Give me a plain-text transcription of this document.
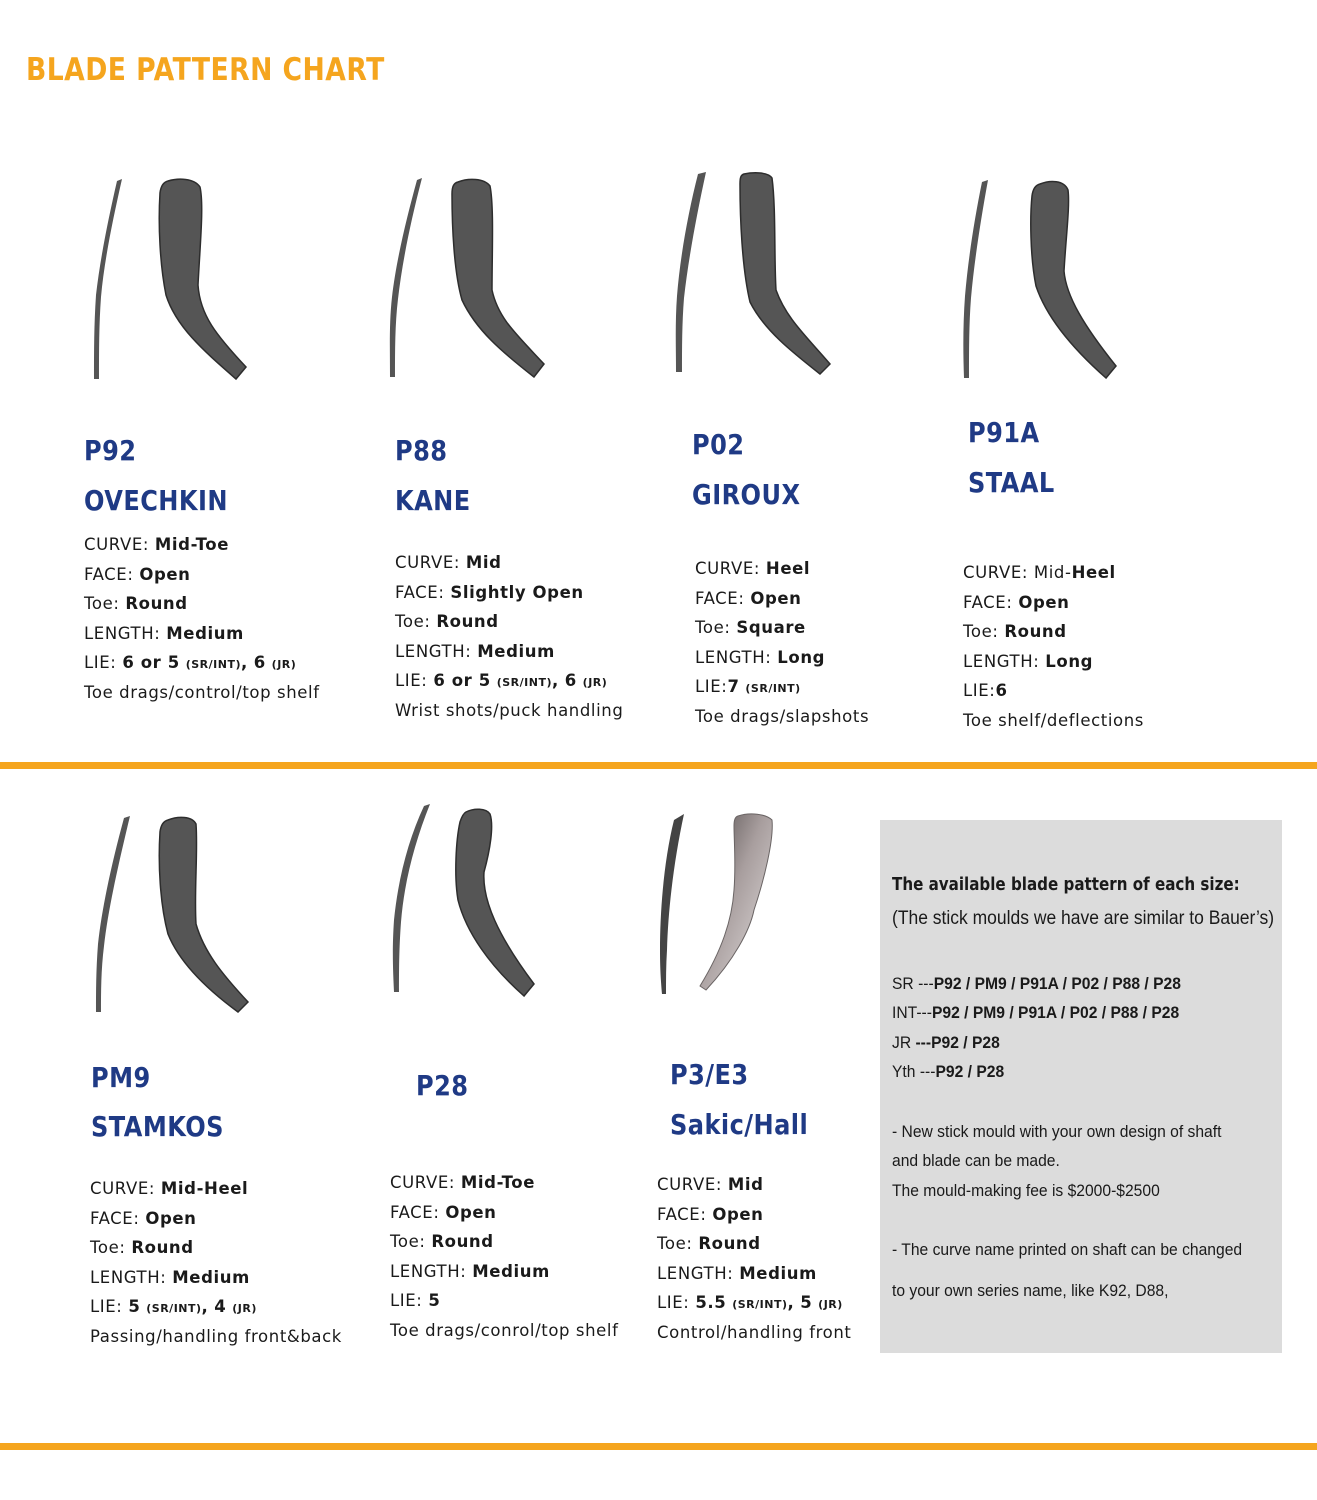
BLADE PATTERN CHART
P92
OVECHKIN
CURVE: Mid-Toe
FACE: Open
Toe: Round
LENGTH: Medium
LIE: 6 or 5 (SR/INT), 6 (JR)
Toe drags/control/top shelf
P88
KANE
CURVE: Mid
FACE: Slightly Open
Toe: Round
LENGTH: Medium
LIE: 6 or 5 (SR/INT), 6 (JR)
Wrist shots/puck handling
P02
GIROUX
CURVE: Heel
FACE: Open
Toe: Square
LENGTH: Long
LIE:7 (SR/INT)
Toe drags/slapshots
P91A
STAAL
CURVE: Mid-Heel
FACE: Open
Toe: Round
LENGTH: Long
LIE:6
Toe shelf/deflections
PM9
STAMKOS
CURVE: Mid-Heel
FACE: Open
Toe: Round
LENGTH: Medium
LIE: 5 (SR/INT), 4 (JR)
Passing/handling front&back
P28
CURVE: Mid-Toe
FACE: Open
Toe: Round
LENGTH: Medium
LIE: 5
Toe drags/conrol/top shelf
P3/E3
Sakic/Hall
CURVE: Mid
FACE: Open
Toe: Round
LENGTH: Medium
LIE: 5.5 (SR/INT), 5 (JR)
Control/handling front
The available blade pattern of each size:
(The stick moulds we have are similar to Bauer’s)
SR ---P92 / PM9 / P91A / P02 / P88 / P28
INT---P92 / PM9 / P91A / P02 / P88 / P28
JR ---P92 / P28
Yth ---P92 / P28
- New stick mould with your own design of shaft
and blade can be made.
The mould-making fee is $2000-$2500
- The curve name printed on shaft can be changed
to your own series name, like K92, D88,
